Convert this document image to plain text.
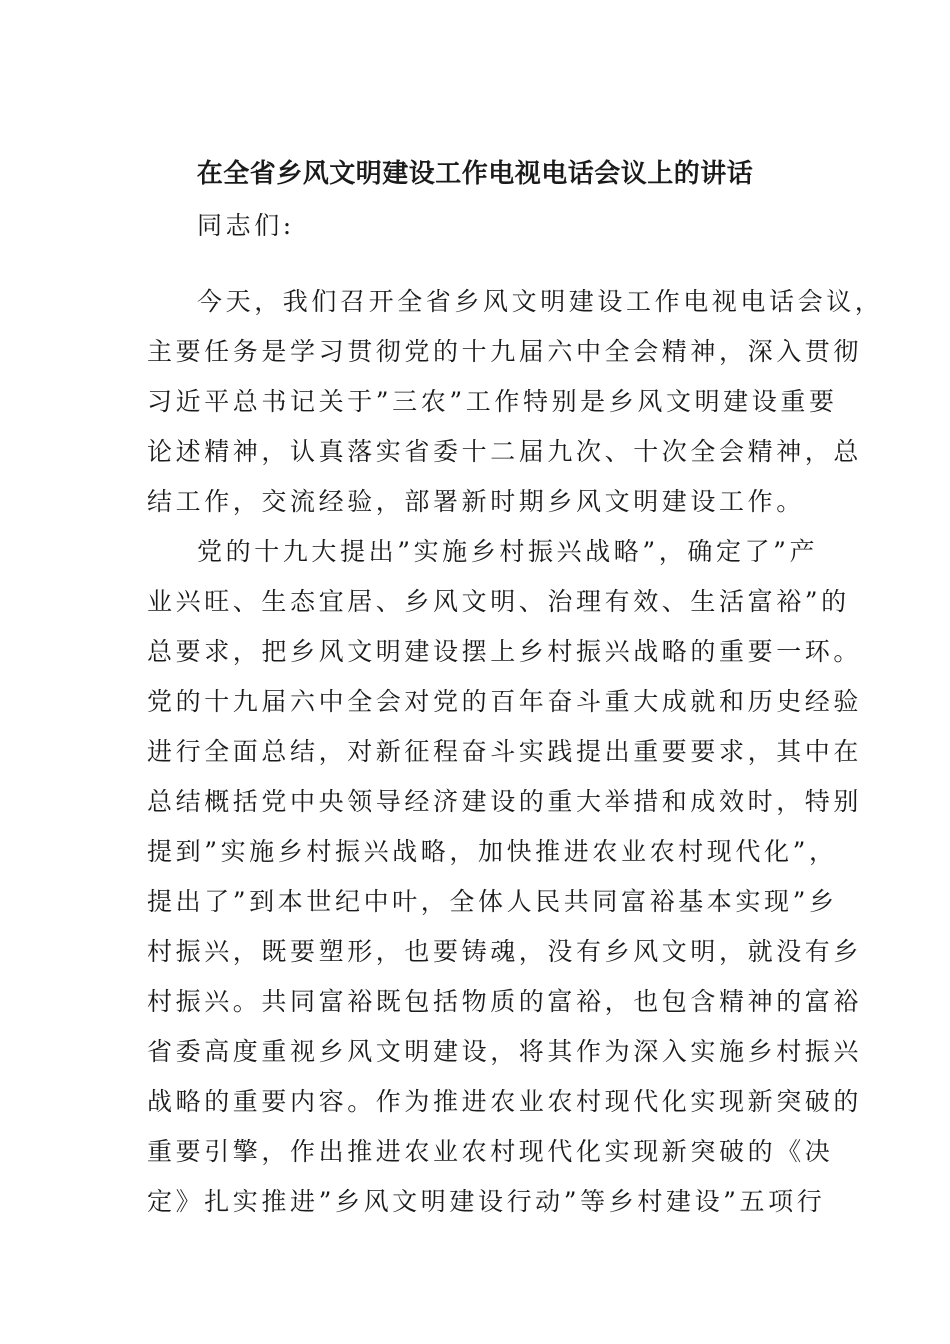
在全省乡风文明建设工作电视电话会议上的讲话
同志们:
今天，我们召开全省乡风文明建设工作电视电话会议，
主要任务是学习贯彻党的十九届六中全会精神，深入贯彻
习近平总书记关于”三农”工作特别是乡风文明建设重要
论述精神，认真落实省委十二届九次、十次全会精神，总
结工作，交流经验，部署新时期乡风文明建设工作。
党的十九大提出”实施乡村振兴战略”，确定了”产
业兴旺、生态宜居、乡风文明、治理有效、生活富裕”的
总要求，把乡风文明建设摆上乡村振兴战略的重要一环。
党的十九届六中全会对党的百年奋斗重大成就和历史经验
进行全面总结，对新征程奋斗实践提出重要要求，其中在
总结概括党中央领导经济建设的重大举措和成效时，特别
提到”实施乡村振兴战略，加快推进农业农村现代化”，
提出了”到本世纪中叶，全体人民共同富裕基本实现”乡
村振兴，既要塑形，也要铸魂，没有乡风文明，就没有乡
村振兴。共同富裕既包括物质的富裕，也包含精神的富裕
省委高度重视乡风文明建设，将其作为深入实施乡村振兴
战略的重要内容。作为推进农业农村现代化实现新突破的
重要引擎，作出推进农业农村现代化实现新突破的《决
定》扎实推进”乡风文明建设行动”等乡村建设”五项行
